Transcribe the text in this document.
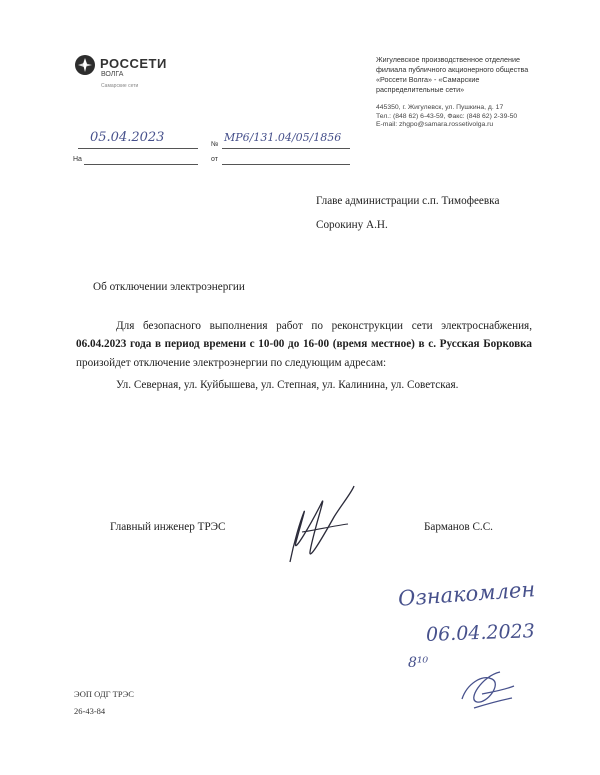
РОССЕТИ
ВОЛГА
Самарские сети
Жигулевское производственное отделение
филиала публичного акционерного общества
«Россети Волга» - «Самарские
распределительные сети»
445350, г. Жигулевск, ул. Пушкина, д. 17
Тел.: (848 62) 6-43-59, Факс: (848 62) 2-39-50
E-mail: zhgpo@samara.rossetivolga.ru
05.04.2023	№
МР6/131.04/05/1856
На	от
Главе администрации с.п. Тимофеевка
Сорокину А.Н.
Об отключении электроэнергии
Для безопасного выполнения работ по реконструкции сети электроснабжения, 06.04.2023 года в период времени с 10-00 до 16-00 (время местное) в с. Русская Борковка произойдет отключение электроэнергии по следующим адресам:
Ул. Северная, ул. Куйбышева, ул. Степная, ул. Калинина, ул. Советская.
Главный инженер ТРЭС	Барманов С.С.
Ознакомлен
06.04.2023
8¹⁰
ЭОП ОДГ ТРЭС
26-43-84
